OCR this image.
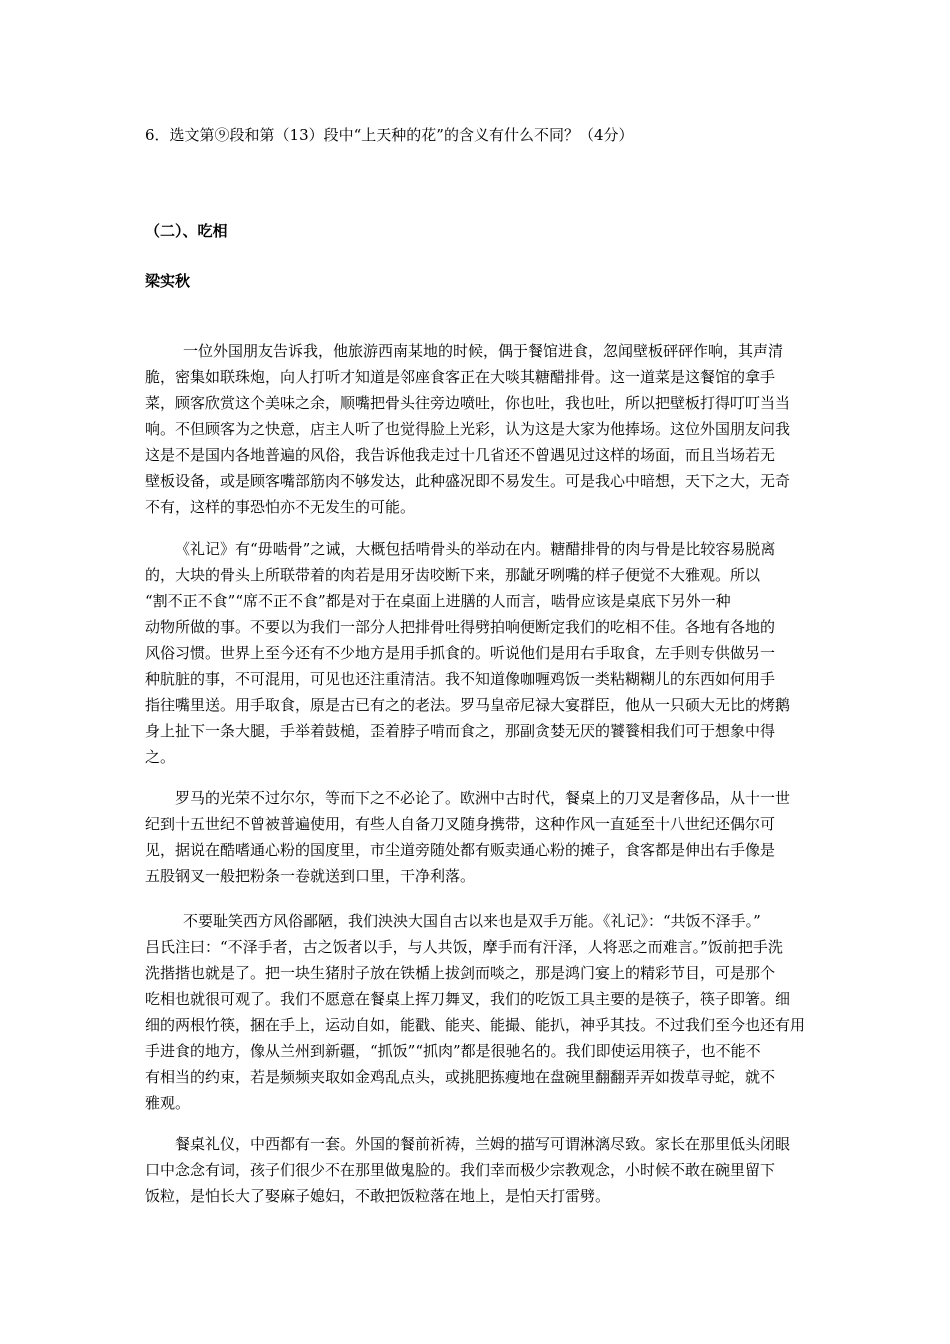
6．选文第⑨段和第（13）段中“上天种的花”的含义有什么不同？（4分）
（二）、吃相
梁实秋
一位外国朋友告诉我，他旅游西南某地的时候，偶于餐馆进食，忽闻壁板砰砰作响，其声清
脆，密集如联珠炮，向人打听才知道是邻座食客正在大啖其糖醋排骨。这一道菜是这餐馆的拿手
菜，顾客欣赏这个美味之余，顺嘴把骨头往旁边喷吐，你也吐，我也吐，所以把壁板打得叮叮当当
响。不但顾客为之快意，店主人听了也觉得脸上光彩，认为这是大家为他捧场。这位外国朋友问我
这是不是国内各地普遍的风俗，我告诉他我走过十几省还不曾遇见过这样的场面，而且当场若无
壁板设备，或是顾客嘴部筋肉不够发达，此种盛况即不易发生。可是我心中暗想，天下之大，无奇
不有，这样的事恐怕亦不无发生的可能。
《礼记》有“毋啮骨”之诫，大概包括啃骨头的举动在内。糖醋排骨的肉与骨是比较容易脱离
的，大块的骨头上所联带着的肉若是用牙齿咬断下来，那龇牙咧嘴的样子便觉不大雅观。所以
“割不正不食”“席不正不食”都是对于在桌面上进膳的人而言，啮骨应该是桌底下另外一种
动物所做的事。不要以为我们一部分人把排骨吐得劈拍响便断定我们的吃相不佳。各地有各地的
风俗习惯。世界上至今还有不少地方是用手抓食的。听说他们是用右手取食，左手则专供做另一
种肮脏的事，不可混用，可见也还注重清洁。我不知道像咖喱鸡饭一类粘糊糊儿的东西如何用手
指往嘴里送。用手取食，原是古已有之的老法。罗马皇帝尼禄大宴群臣，他从一只硕大无比的烤鹅
身上扯下一条大腿，手举着鼓槌，歪着脖子啃而食之，那副贪婪无厌的饕餮相我们可于想象中得
之。
罗马的光荣不过尔尔，等而下之不必论了。欧洲中古时代，餐桌上的刀叉是奢侈品，从十一世
纪到十五世纪不曾被普遍使用，有些人自备刀叉随身携带，这种作风一直延至十八世纪还偶尔可
见，据说在酷嗜通心粉的国度里，市尘道旁随处都有贩卖通心粉的摊子，食客都是伸出右手像是
五股钢叉一般把粉条一卷就送到口里，干净利落。
不要耻笑西方风俗鄙陋，我们泱泱大国自古以来也是双手万能。《礼记》：“共饭不泽手。”
吕氏注曰：“不泽手者，古之饭者以手，与人共饭，摩手而有汗泽，人将恶之而难言。”饭前把手洗
洗揩揩也就是了。把一块生猪肘子放在铁楯上拔剑而啖之，那是鸿门宴上的精彩节目，可是那个
吃相也就很可观了。我们不愿意在餐桌上挥刀舞叉，我们的吃饭工具主要的是筷子，筷子即箸。细
细的两根竹筷，捆在手上，运动自如，能戳、能夹、能撮、能扒，神乎其技。不过我们至今也还有用
手进食的地方，像从兰州到新疆，“抓饭”“抓肉”都是很驰名的。我们即使运用筷子，也不能不
有相当的约束，若是频频夹取如金鸡乱点头，或挑肥拣瘦地在盘碗里翻翻弄弄如拨草寻蛇，就不
雅观。
餐桌礼仪，中西都有一套。外国的餐前祈祷，兰姆的描写可谓淋漓尽致。家长在那里低头闭眼
口中念念有词，孩子们很少不在那里做鬼脸的。我们幸而极少宗教观念，小时候不敢在碗里留下
饭粒，是怕长大了娶麻子媳妇，不敢把饭粒落在地上，是怕天打雷劈。
